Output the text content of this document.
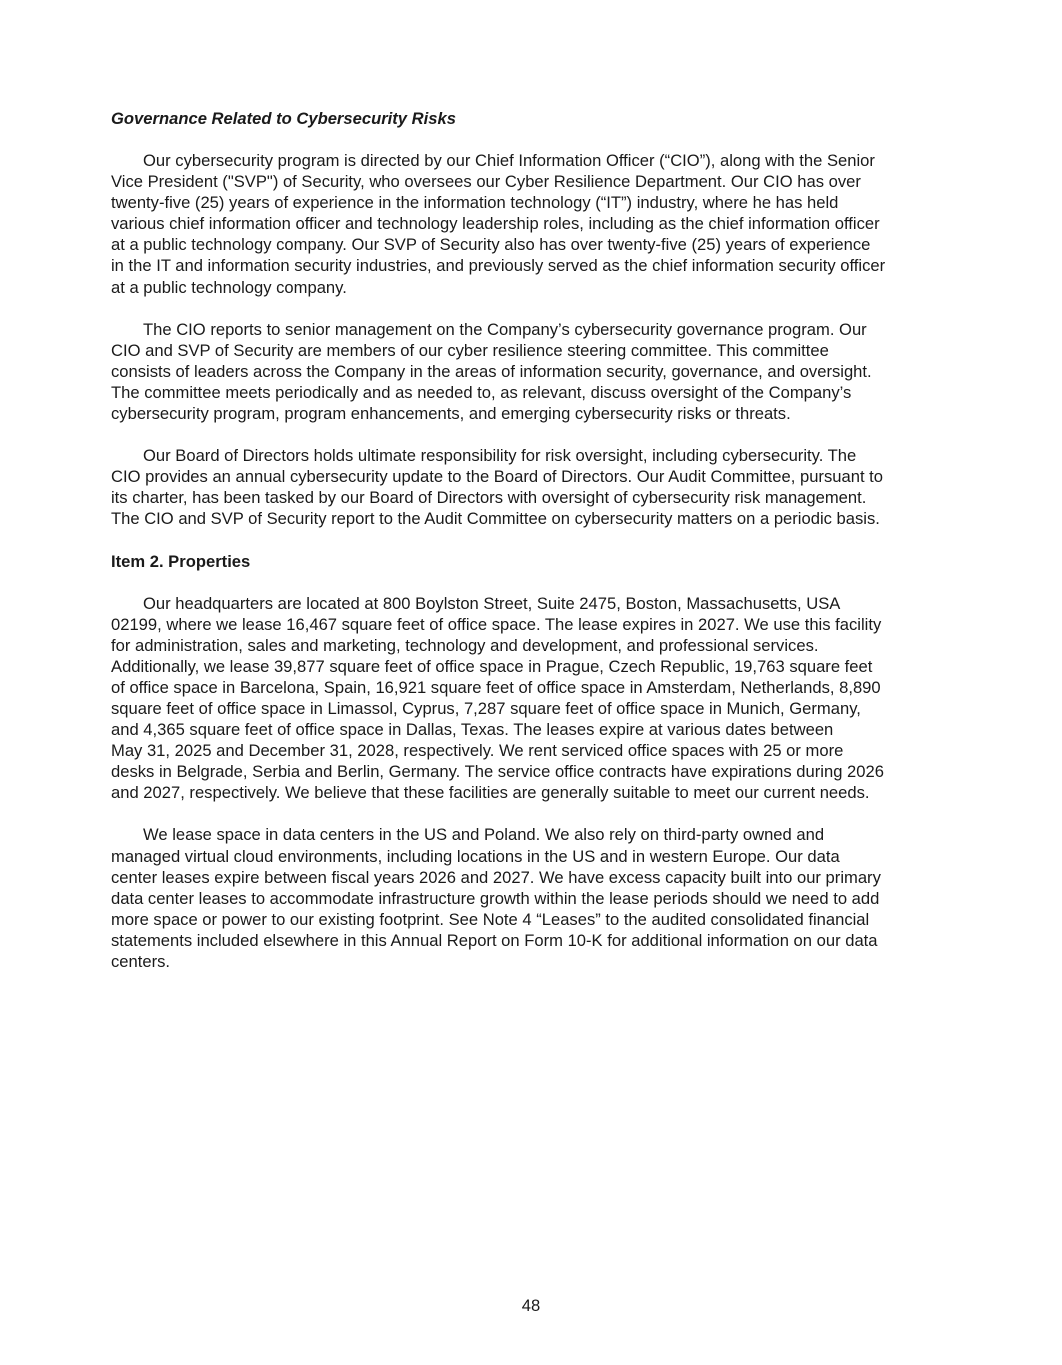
Governance Related to Cybersecurity Risks

Our cybersecurity program is directed by our Chief Information Officer (“CIO”), along with the Senior
Vice President ("SVP") of Security, who oversees our Cyber Resilience Department. Our CIO has over
twenty-five (25) years of experience in the information technology (“IT”) industry, where he has held
various chief information officer and technology leadership roles, including as the chief information officer
at a public technology company. Our SVP of Security also has over twenty-five (25) years of experience
in the IT and information security industries, and previously served as the chief information security officer
at a public technology company.

The CIO reports to senior management on the Company’s cybersecurity governance program. Our
CIO and SVP of Security are members of our cyber resilience steering committee. This committee
consists of leaders across the Company in the areas of information security, governance, and oversight.
The committee meets periodically and as needed to, as relevant, discuss oversight of the Company’s
cybersecurity program, program enhancements, and emerging cybersecurity risks or threats.

Our Board of Directors holds ultimate responsibility for risk oversight, including cybersecurity. The
CIO provides an annual cybersecurity update to the Board of Directors. Our Audit Committee, pursuant to
its charter, has been tasked by our Board of Directors with oversight of cybersecurity risk management.
The CIO and SVP of Security report to the Audit Committee on cybersecurity matters on a periodic basis.

Item 2. Properties

Our headquarters are located at 800 Boylston Street, Suite 2475, Boston, Massachusetts, USA
02199, where we lease 16,467 square feet of office space. The lease expires in 2027. We use this facility
for administration, sales and marketing, technology and development, and professional services.
Additionally, we lease 39,877 square feet of office space in Prague, Czech Republic, 19,763 square feet
of office space in Barcelona, Spain, 16,921 square feet of office space in Amsterdam, Netherlands, 8,890
square feet of office space in Limassol, Cyprus, 7,287 square feet of office space in Munich, Germany,
and 4,365 square feet of office space in Dallas, Texas. The leases expire at various dates between
May 31, 2025 and December 31, 2028, respectively. We rent serviced office spaces with 25 or more
desks in Belgrade, Serbia and Berlin, Germany. The service office contracts have expirations during 2026
and 2027, respectively. We believe that these facilities are generally suitable to meet our current needs.

We lease space in data centers in the US and Poland. We also rely on third-party owned and
managed virtual cloud environments, including locations in the US and in western Europe. Our data
center leases expire between fiscal years 2026 and 2027. We have excess capacity built into our primary
data center leases to accommodate infrastructure growth within the lease periods should we need to add
more space or power to our existing footprint. See Note 4 “Leases” to the audited consolidated financial
statements included elsewhere in this Annual Report on Form 10-K for additional information on our data
centers.

48
